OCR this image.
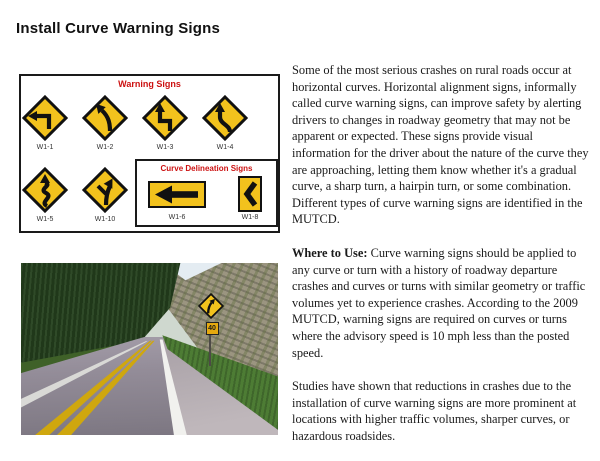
Install Curve Warning Signs
Warning Signs
W1-1	W1-2	W1-3	W1-4
W1-5	W1-10
Curve Delineation Signs
W1-6	W1-8
40

Some of the most serious crashes on rural roads occur at horizontal curves. Horizontal alignment signs, informally called curve warning signs, can improve safety by alerting drivers to changes in roadway geometry that may not be apparent or expected. These signs provide visual information for the driver about the nature of the curve they are approaching, letting them know whether it's a gradual curve, a sharp turn, a hairpin turn, or some combination. Different types of curve warning signs are identified in the MUTCD.

Where to Use: Curve warning signs should be applied to any curve or turn with a history of roadway departure crashes and curves or turns with similar geometry or traffic volumes yet to experience crashes. According to the 2009 MUTCD, warning signs are required on curves or turns where the advisory speed is 10 mph less than the posted speed.

Studies have shown that reductions in crashes due to the installation of curve warning signs are more prominent at locations with higher traffic volumes, sharper curves, or hazardous roadsides.
